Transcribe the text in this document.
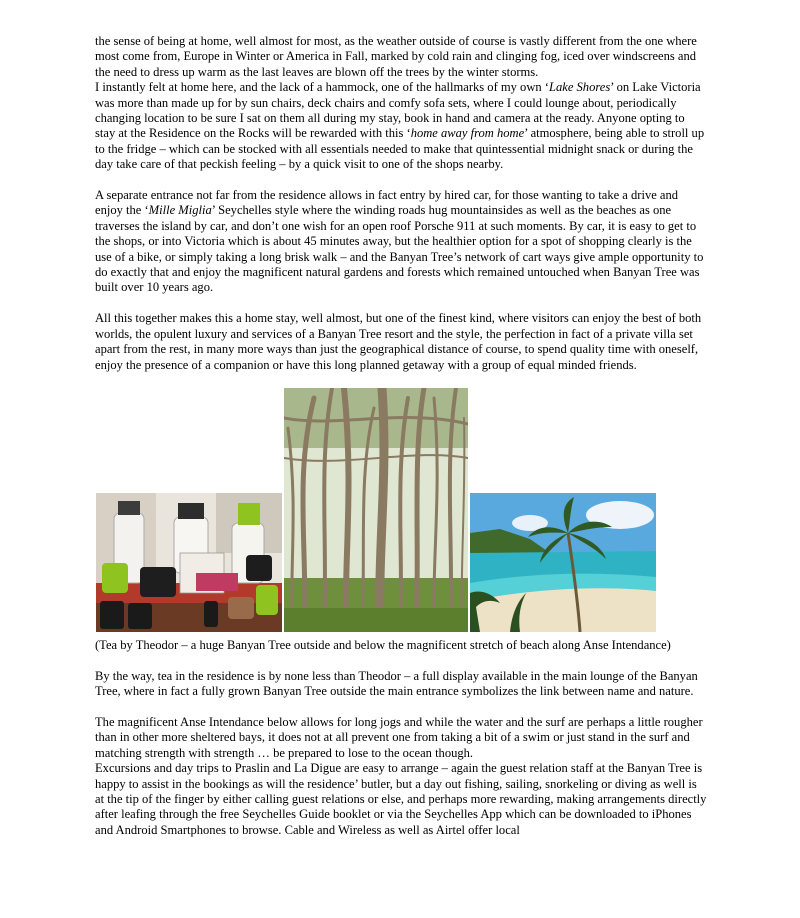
the sense of being at home, well almost for most, as the weather outside of course is vastly different from the one where most come from, Europe in Winter or America in Fall, marked by cold rain and clinging fog, iced over windscreens and the need to dress up warm as the last leaves are blown off the trees by the winter storms.

I instantly felt at home here, and the lack of a hammock, one of the hallmarks of my own ‘Lake Shores’ on Lake Victoria was more than made up for by sun chairs, deck chairs and comfy sofa sets, where I could lounge about, periodically changing location to be sure I sat on them all during my stay, book in hand and camera at the ready. Anyone opting to stay at the Residence on the Rocks will be rewarded with this ‘home away from home’ atmosphere, being able to stroll up to the fridge – which can be stocked with all essentials needed to make that quintessential midnight snack or during the day take care of that peckish feeling – by a quick visit to one of the shops nearby.

A separate entrance not far from the residence allows in fact entry by hired car, for those wanting to take a drive and enjoy the ‘Mille Miglia’ Seychelles style where the winding roads hug mountainsides as well as the beaches as one traverses the island by car, and don’t one wish for an open roof Porsche 911 at such moments. By car, it is easy to get to the shops, or into Victoria which is about 45 minutes away, but the healthier option for a spot of shopping clearly is the use of a bike, or simply taking a long brisk walk – and the Banyan Tree’s network of cart ways give ample opportunity to do exactly that and enjoy the magnificent natural gardens and forests which remained untouched when Banyan Tree was built over 10 years ago.

All this together makes this a home stay, well almost, but one of the finest kind, where visitors can enjoy the best of both worlds, the opulent luxury and services of a Banyan Tree resort and the style, the perfection in fact of a private villa set apart from the rest, in many more ways than just the geographical distance of course, to spend quality time with oneself, enjoy the presence of a companion or have this long planned getaway with a group of equal minded friends.

(Tea by Theodor – a huge Banyan Tree outside and below the magnificent stretch of beach along Anse Intendance)

By the way, tea in the residence is by none less than Theodor – a full display available in the main lounge of the Banyan Tree, where in fact a fully grown Banyan Tree outside the main entrance symbolizes the link between name and nature.

The magnificent Anse Intendance below allows for long jogs and while the water and the surf are perhaps a little rougher than in other more sheltered bays, it does not at all prevent one from taking a bit of a swim or just stand in the surf and matching strength with strength … be prepared to lose to the ocean though.

Excursions and day trips to Praslin and La Digue are easy to arrange – again the guest relation staff at the Banyan Tree is happy to assist in the bookings as will the residence’ butler, but a day out fishing, sailing, snorkeling or diving as well is at the tip of the finger by either calling guest relations or else, and perhaps more rewarding, making arrangements directly after leafing through the free Seychelles Guide booklet or via the Seychelles App which can be downloaded to iPhones and Android Smartphones to browse. Cable and Wireless as well as Airtel offer local
